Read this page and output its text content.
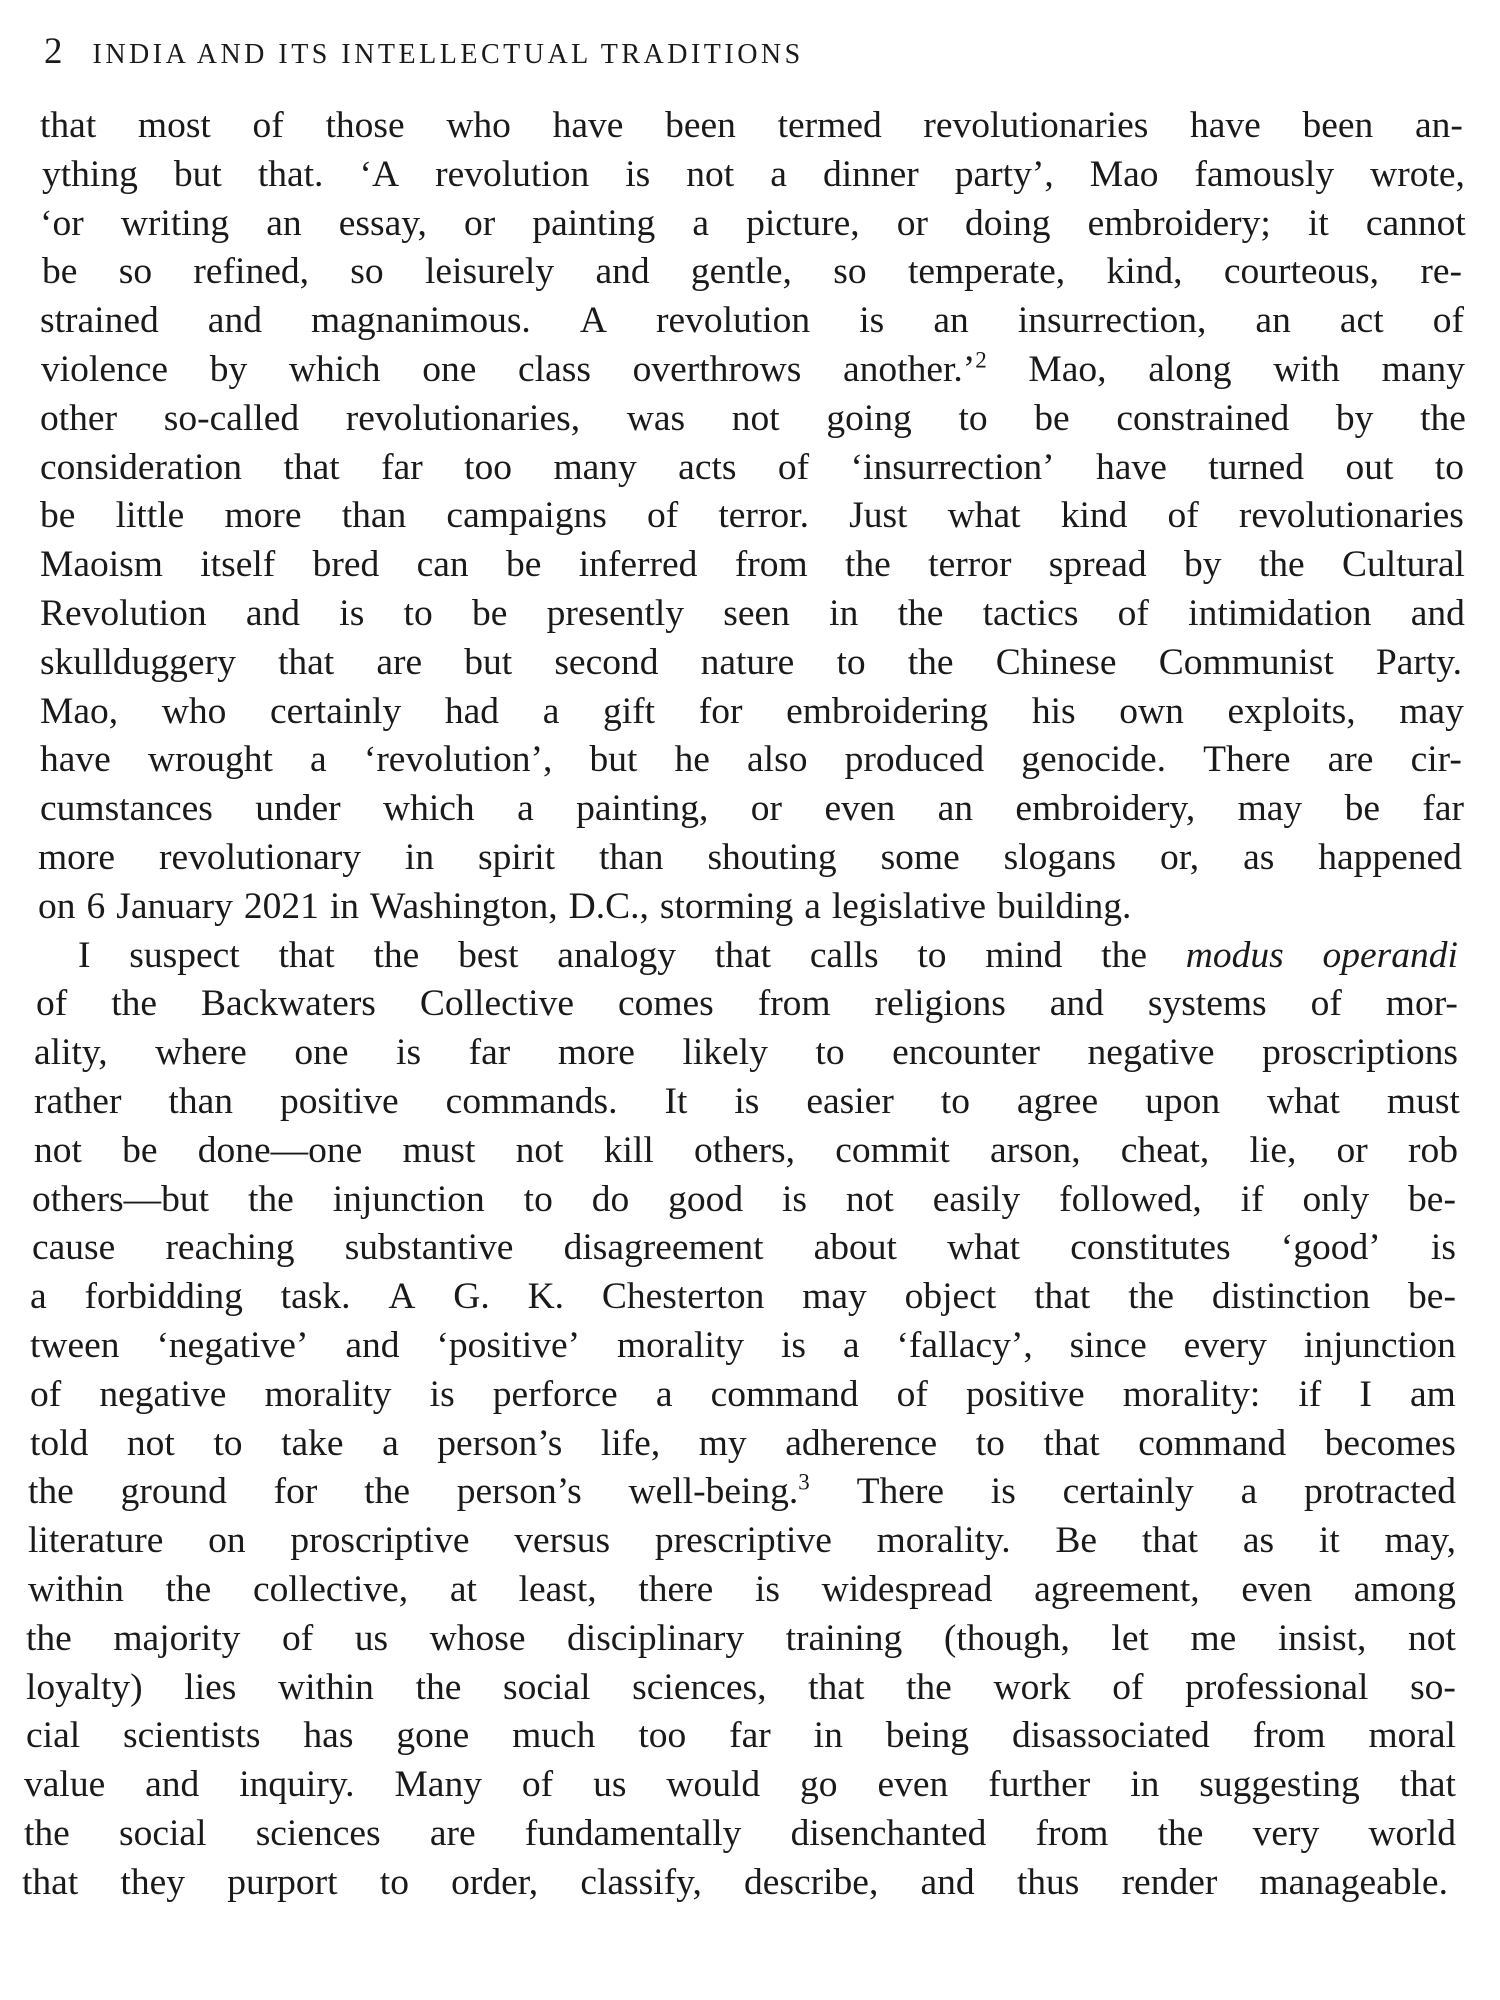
2 INDIA AND ITS INTELLECTUAL TRADITIONS
that most of those who have been termed revolutionaries have been an-
ything but that. ‘A revolution is not a dinner party’, Mao famously wrote,
‘or writing an essay, or painting a picture, or doing embroidery; it cannot
be so refined, so leisurely and gentle, so temperate, kind, courteous, re-
strained and magnanimous. A revolution is an insurrection, an act of
violence by which one class overthrows another.’$^2$ Mao, along with many
other so-called revolutionaries, was not going to be constrained by the
consideration that far too many acts of ‘insurrection’ have turned out to
be little more than campaigns of terror. Just what kind of revolutionaries
Maoism itself bred can be inferred from the terror spread by the Cultural
Revolution and is to be presently seen in the tactics of intimidation and
skullduggery that are but second nature to the Chinese Communist Party.
Mao, who certainly had a gift for embroidering his own exploits, may
have wrought a ‘revolution’, but he also produced genocide. There are cir-
cumstances under which a painting, or even an embroidery, may be far
more revolutionary in spirit than shouting some slogans or, as happened
on 6 January 2021 in Washington, D.C., storming a legislative building.
I suspect that the best analogy that calls to mind the modus operandi
of the Backwaters Collective comes from religions and systems of mor-
ality, where one is far more likely to encounter negative proscriptions
rather than positive commands. It is easier to agree upon what must
not be done—one must not kill others, commit arson, cheat, lie, or rob
others—but the injunction to do good is not easily followed, if only be-
cause reaching substantive disagreement about what constitutes ‘good’ is
a forbidding task. A G. K. Chesterton may object that the distinction be-
tween ‘negative’ and ‘positive’ morality is a ‘fallacy’, since every injunction
of negative morality is perforce a command of positive morality: if I am
told not to take a person’s life, my adherence to that command becomes
the ground for the person’s well-being.$^3$ There is certainly a protracted
literature on proscriptive versus prescriptive morality. Be that as it may,
within the collective, at least, there is widespread agreement, even among
the majority of us whose disciplinary training (though, let me insist, not
loyalty) lies within the social sciences, that the work of professional so-
cial scientists has gone much too far in being disassociated from moral
value and inquiry. Many of us would go even further in suggesting that
the social sciences are fundamentally disenchanted from the very world
that they purport to order, classify, describe, and thus render manageable.
